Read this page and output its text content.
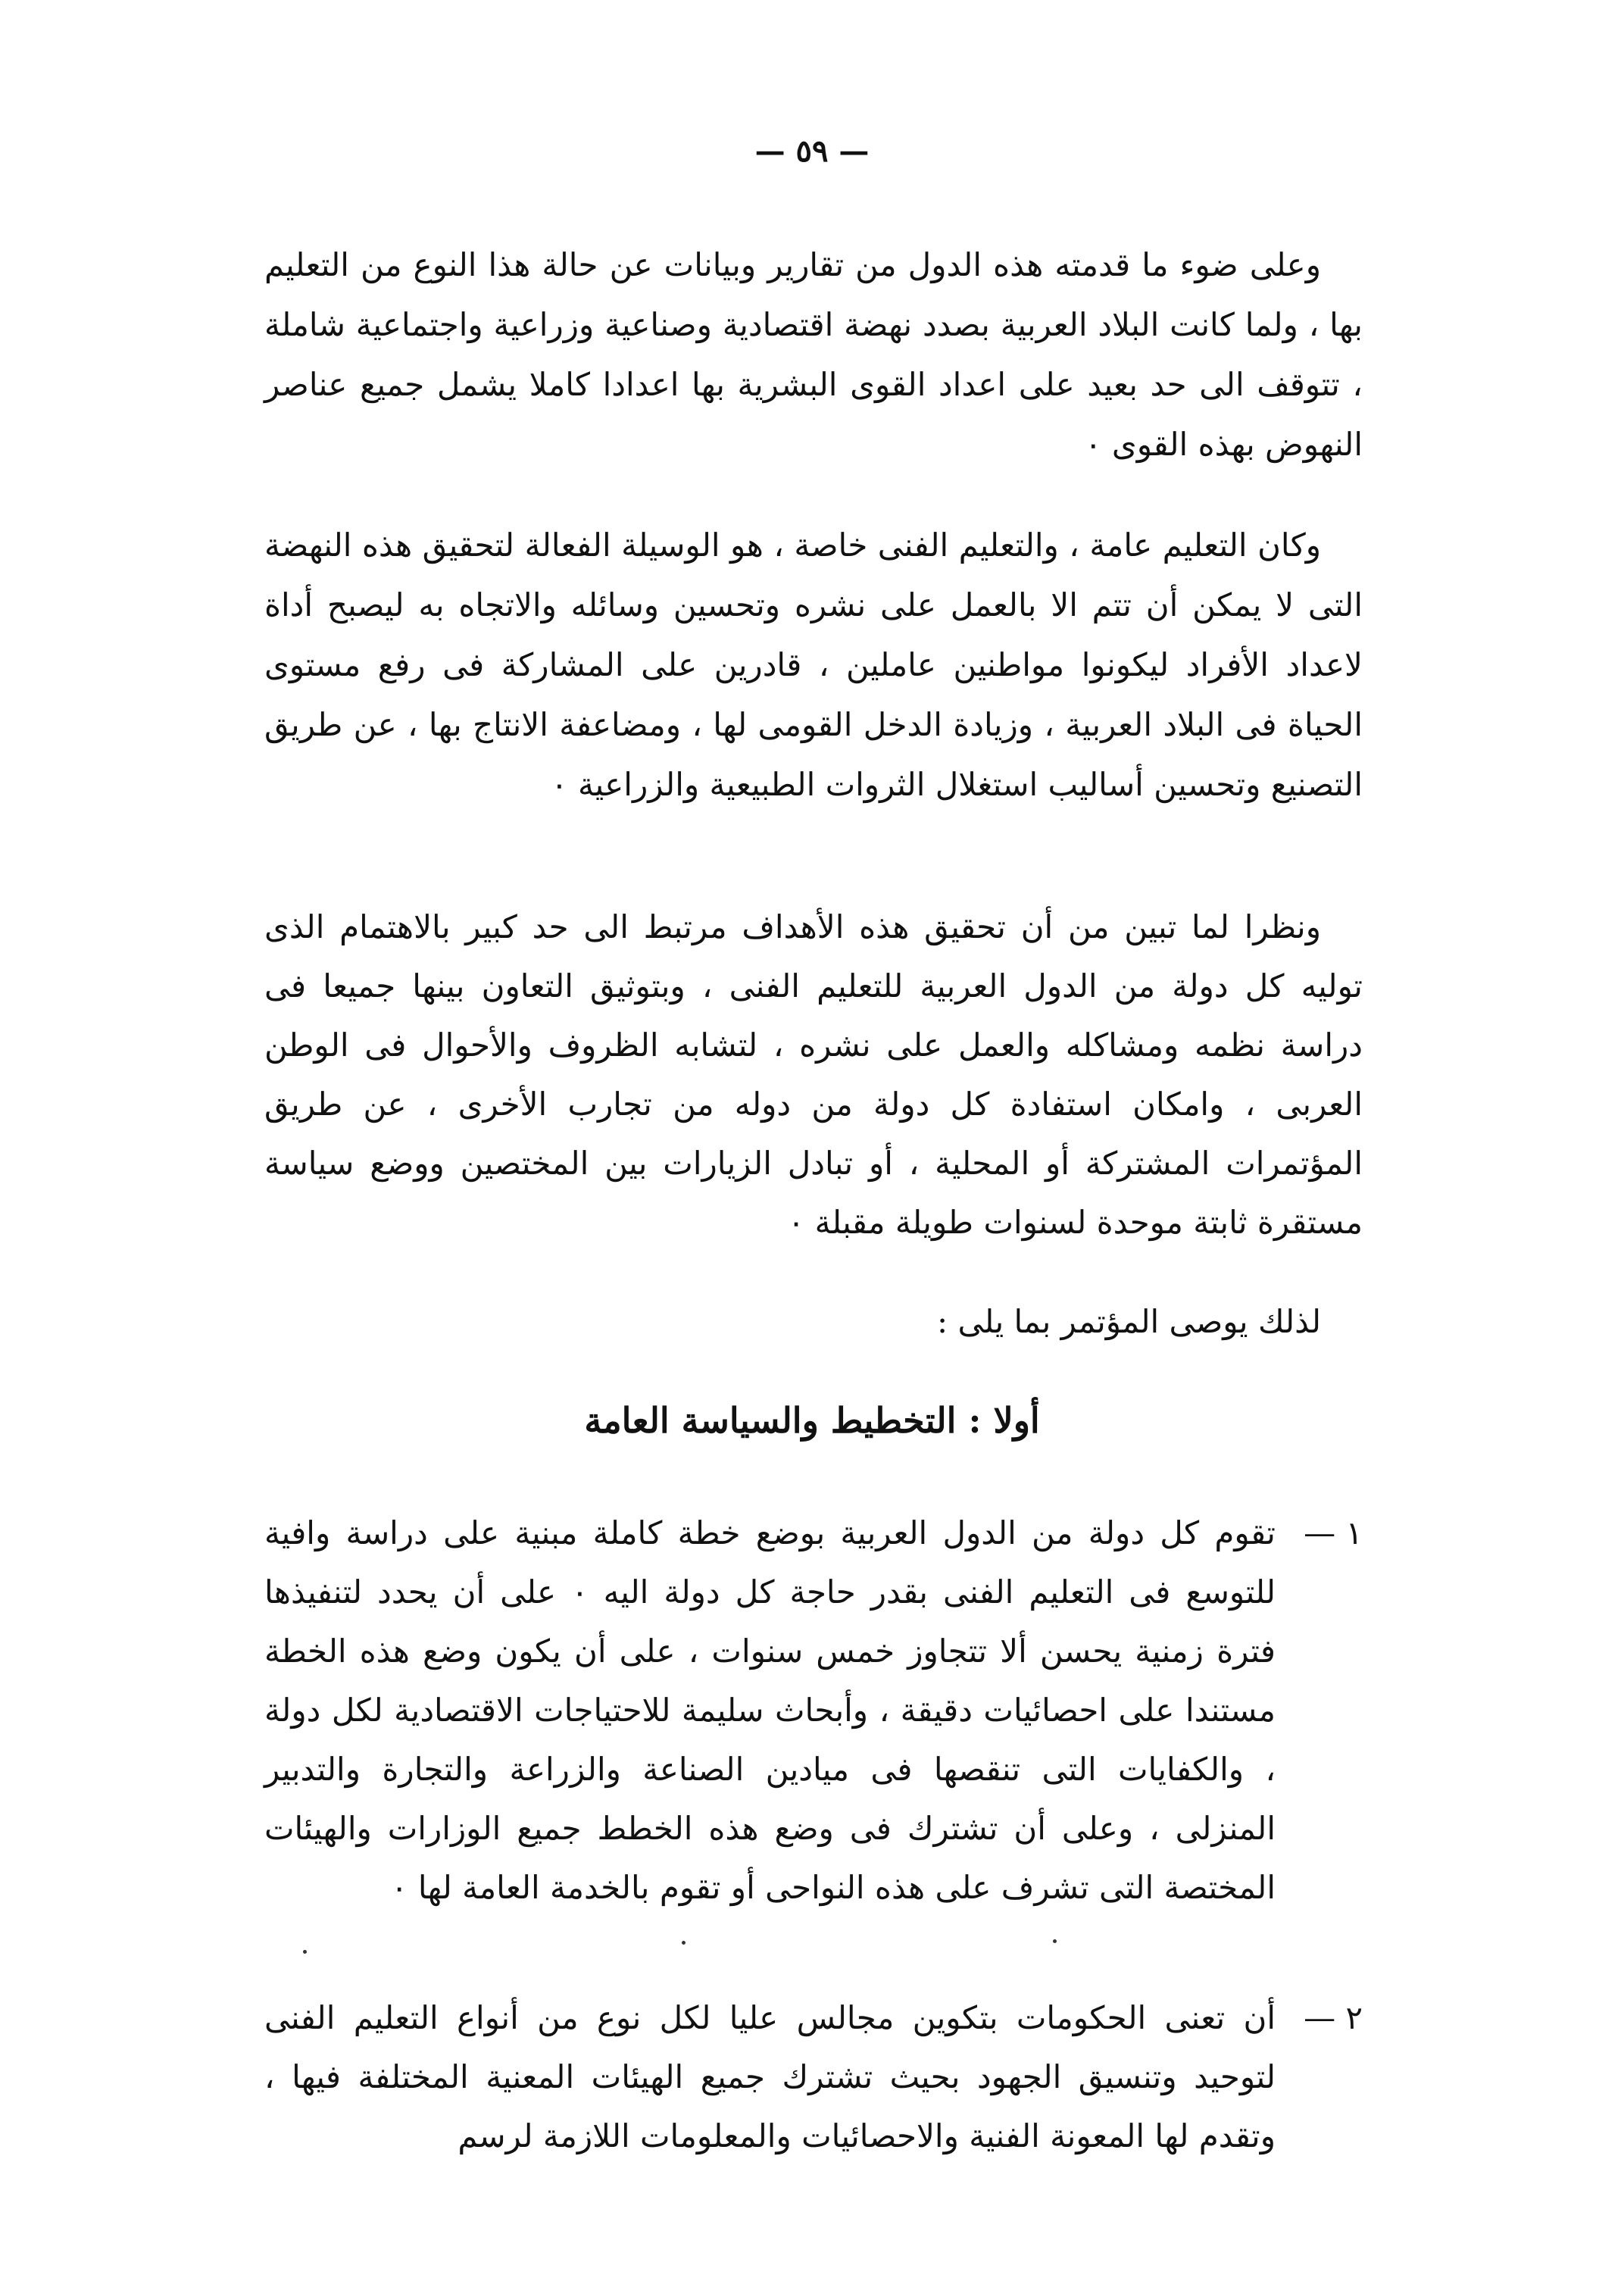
— ٥٩ —

وعلى ضوء ما قدمته هذه الدول من تقارير وبيانات عن حالة هذا النوع من التعليم بها ، ولما كانت البلاد العربية بصدد نهضة اقتصادية وصناعية وزراعية واجتماعية شاملة ، تتوقف الى حد بعيد على اعداد القوى البشرية بها اعدادا كاملا يشمل جميع عناصر النهوض بهذه القوى ٠

وكان التعليم عامة ، والتعليم الفنى خاصة ، هو الوسيلة الفعالة لتحقيق هذه النهضة التى لا يمكن أن تتم الا بالعمل على نشره وتحسين وسائله والاتجاه به ليصبح أداة لاعداد الأفراد ليكونوا مواطنين عاملين ، قادرين على المشاركة فى رفع مستوى الحياة فى البلاد العربية ، وزيادة الدخل القومى لها ، ومضاعفة الانتاج بها ، عن طريق التصنيع وتحسين أساليب استغلال الثروات الطبيعية والزراعية ٠

ونظرا لما تبين من أن تحقيق هذه الأهداف مرتبط الى حد كبير بالاهتمام الذى توليه كل دولة من الدول العربية للتعليم الفنى ، وبتوثيق التعاون بينها جميعا فى دراسة نظمه ومشاكله والعمل على نشره ، لتشابه الظروف والأحوال فى الوطن العربى ، وامكان استفادة كل دولة من دوله من تجارب الأخرى ، عن طريق المؤتمرات المشتركة أو المحلية ، أو تبادل الزيارات بين المختصين ووضع سياسة مستقرة ثابتة موحدة لسنوات طويلة مقبلة ٠

لذلك يوصى المؤتمر بما يلى :

أولا : التخطيط والسياسة العامة
١ —

تقوم كل دولة من الدول العربية بوضع خطة كاملة مبنية على دراسة وافية للتوسع فى التعليم الفنى بقدر حاجة كل دولة اليه ٠ على أن يحدد لتنفيذها فترة زمنية يحسن ألا تتجاوز خمس سنوات ، على أن يكون وضع هذه الخطة مستندا على احصائيات دقيقة ، وأبحاث سليمة للاحتياجات الاقتصادية لكل دولة ، والكفايات التى تنقصها فى ميادين الصناعة والزراعة والتجارة والتدبير المنزلى ، وعلى أن تشترك فى وضع هذه الخطط جميع الوزارات والهيئات المختصة التى تشرف على هذه النواحى أو تقوم بالخدمة العامة لها ٠

٢ —

أن تعنى الحكومات بتكوين مجالس عليا لكل نوع من أنواع التعليم الفنى لتوحيد وتنسيق الجهود بحيث تشترك جميع الهيئات المعنية المختلفة فيها ، وتقدم لها المعونة الفنية والاحصائيات والمعلومات اللازمة لرسم
